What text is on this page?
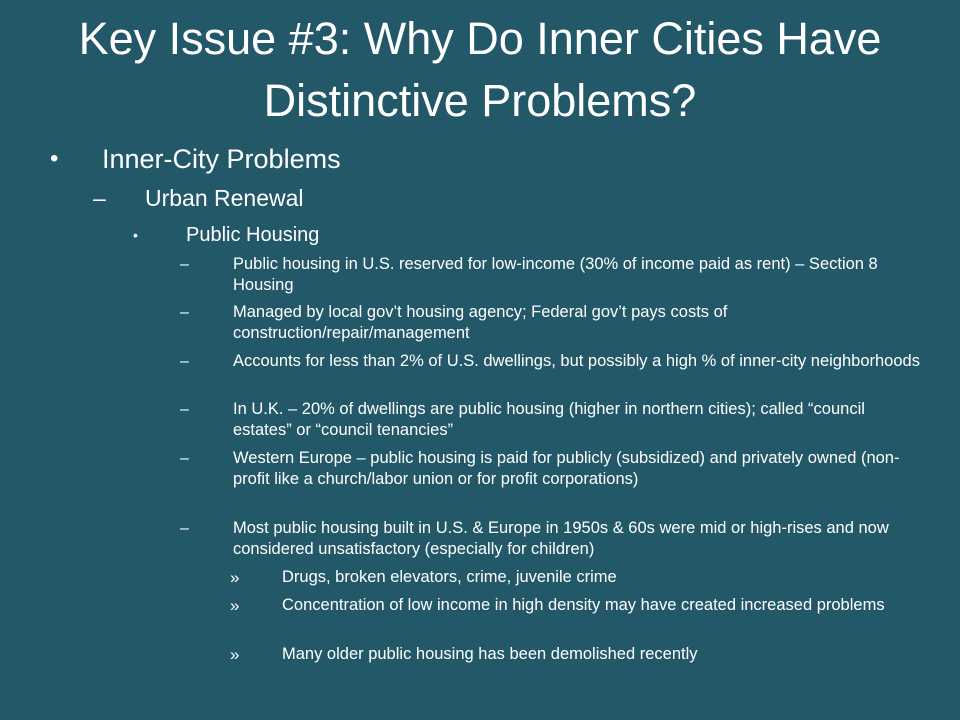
Key Issue #3: Why Do Inner Cities Have Distinctive Problems?
• Inner-City Problems
– Urban Renewal
• Public Housing
–	Public housing in U.S. reserved for low-income (30% of income paid as rent) – Section 8 Housing
–	Managed by local gov’t housing agency; Federal gov’t pays costs of construction/repair/management
–	Accounts for less than 2% of U.S. dwellings, but possibly a high % of inner-city neighborhoods
–	In U.K. – 20% of dwellings are public housing (higher in northern cities); called “council estates” or “council tenancies”
–	Western Europe – public housing is paid for publicly (subsidized) and privately owned (non-profit like a church/labor union or for profit corporations)
–	Most public housing built in U.S. & Europe in 1950s & 60s were mid or high-rises and now considered unsatisfactory (especially for children)
»	Drugs, broken elevators, crime, juvenile crime
»	Concentration of low income in high density may have created increased problems
»	Many older public housing has been demolished recently
